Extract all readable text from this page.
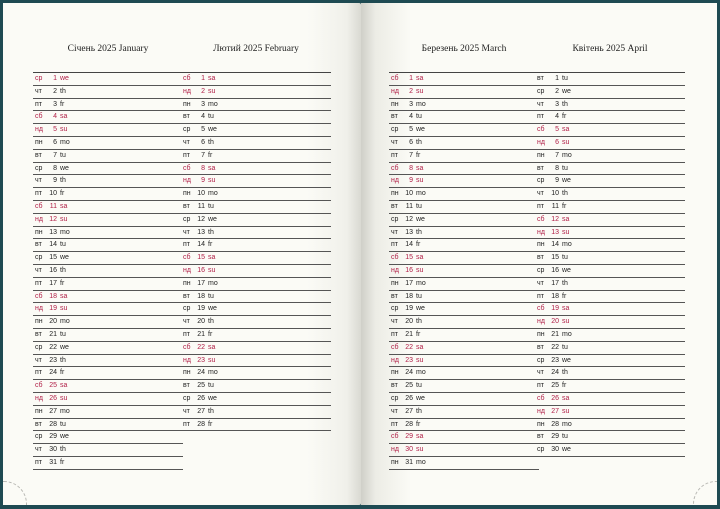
Січень 2025 January
ср	1 we
чт	2 th
пт	3 fr
сб	4 sa
нд	5 su
пн	6 mo
вт	7 tu
ср	8 we
чт	9 th
пт	10 fr
сб	11 sa
нд 12 su
пн 13 mo
вт	14 tu
ср 15 we
чт	16 th
пт	17 fr
сб 18 sa
нд 19 su
пн 20 mo
вт	21 tu
ср 22 we
чт	23 th
пт	24 fr
сб 25 sa
нд 26 su
пн 27 mo
вт	28 tu
ср 29 we
чт	30 th
пт	31 fr
Лютий 2025 February
сб	1 sa
нд	2 su
пн	3 mo
вт	4 tu
ср	5 we
чт	6 th
пт	7 fr
сб	8 sa
нд	9 su
пн 10 mo
вт	11 tu
ср 12 we
чт	13 th
пт	14 fr
сб 15 sa
нд 16 su
пн 17 mo
вт	18 tu
ср 19 we
чт	20 th
пт	21 fr
сб 22 sa
нд 23 su
пн 24 mo
вт	25 tu
ср 26 we
чт	27 th
пт	28 fr
Березень 2025 March
сб	1 sa
нд	2 su
пн	3 mo
вт	4 tu
ср	5 we
чт	6 th
пт	7 fr
сб	8 sa
нд	9 su
пн 10 mo
вт	11 tu
ср 12 we
чт	13 th
пт	14 fr
сб 15 sa
нд 16 su
пн 17 mo
вт	18 tu
ср 19 we
чт	20 th
пт	21 fr
сб 22 sa
нд 23 su
пн 24 mo
вт	25 tu
ср 26 we
чт	27 th
пт	28 fr
сб 29 sa
нд 30 su
пн 31 mo
Квітень 2025 April
вт	1 tu
ср	2 we
чт	3 th
пт	4 fr
сб	5 sa
нд	6 su
пн	7 mo
вт	8 tu
ср	9 we
чт	10 th
пт	11 fr
сб 12 sa
нд 13 su
пн 14 mo
вт	15 tu
ср 16 we
чт	17 th
пт	18 fr
сб 19 sa
нд 20 su
пн 21 mo
вт	22 tu
ср 23 we
чт	24 th
пт	25 fr
сб 26 sa
нд 27 su
пн 28 mo
вт	29 tu
ср 30 we
